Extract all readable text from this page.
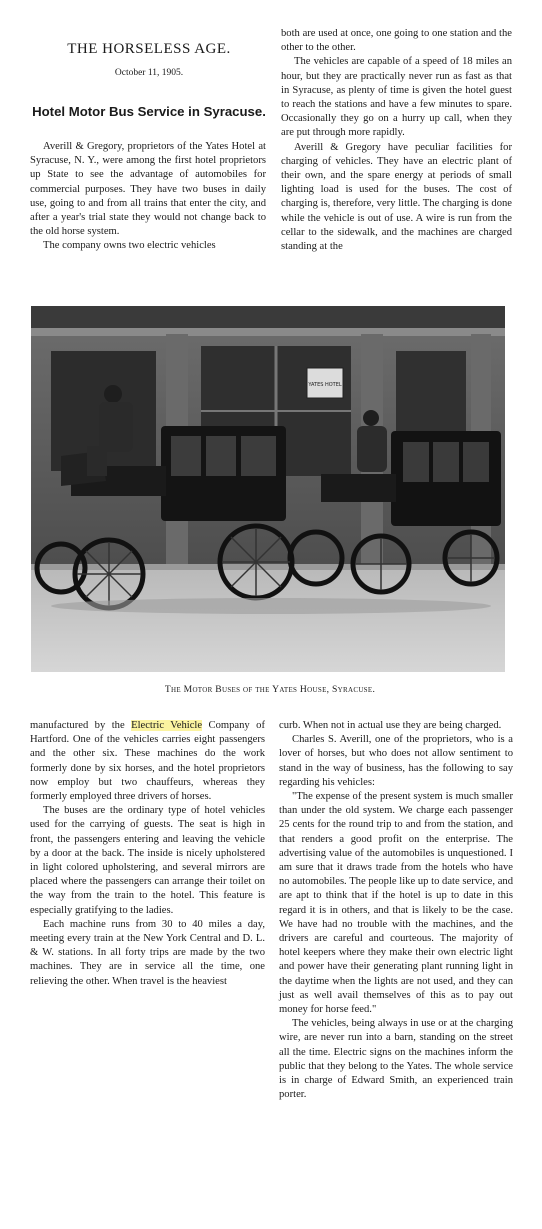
THE HORSELESS AGE.
October 11, 1905.
Hotel Motor Bus Service in Syracuse.

Averill & Gregory, proprietors of the Yates Hotel at Syracuse, N. Y., were among the first hotel proprietors up State to see the advantage of automobiles for commercial purposes. They have two buses in daily use, going to and from all trains that enter the city, and after a year's trial state they would not change back to the old horse system.

The company owns two electric vehicles

both are used at once, one going to one station and the other to the other.

The vehicles are capable of a speed of 18 miles an hour, but they are practically never run as fast as that in Syracuse, as plenty of time is given the hotel guest to reach the stations and have a few minutes to spare. Occasionally they go on a hurry up call, when they are put through more rapidly.

Averill & Gregory have peculiar facilities for charging of vehicles. They have an electric plant of their own, and the spare energy at periods of small lighting load is used for the buses. The cost of charging is, therefore, very little. The charging is done while the vehicle is out of use. A wire is run from the cellar to the sidewalk, and the machines are charged standing at the

YATES HOTEL
The Motor Buses of the Yates House, Syracuse.

manufactured by the Electric Vehicle Company of Hartford. One of the vehicles carries eight passengers and the other six. These machines do the work formerly done by six horses, and the hotel proprietors now employ but two chauffeurs, whereas they formerly employed three drivers of horses.

The buses are the ordinary type of hotel vehicles used for the carrying of guests. The seat is high in front, the passengers entering and leaving the vehicle by a door at the back. The inside is nicely upholstered in light colored upholstering, and several mirrors are placed where the passengers can arrange their toilet on the way from the train to the hotel. This feature is especially gratifying to the ladies.

Each machine runs from 30 to 40 miles a day, meeting every train at the New York Central and D. L. & W. stations. In all forty trips are made by the two machines. They are in service all the time, one relieving the other. When travel is the heaviest

curb. When not in actual use they are being charged.

Charles S. Averill, one of the proprietors, who is a lover of horses, but who does not allow sentiment to stand in the way of business, has the following to say regarding his vehicles:

"The expense of the present system is much smaller than under the old system. We charge each passenger 25 cents for the round trip to and from the station, and that renders a good profit on the enterprise. The advertising value of the automobiles is unquestioned. I am sure that it draws trade from the hotels who have no automobiles. The people like up to date service, and are apt to think that if the hotel is up to date in this regard it is in others, and that is likely to be the case. We have had no trouble with the machines, and the drivers are careful and courteous. The majority of hotel keepers where they make their own electric light and power have their generating plant running light in the daytime when the lights are not used, and they can just as well avail themselves of this as to pay out money for horse feed."

The vehicles, being always in use or at the charging wire, are never run into a barn, standing on the street all the time. Electric signs on the machines inform the public that they belong to the Yates. The whole service is in charge of Edward Smith, an experienced train porter.
